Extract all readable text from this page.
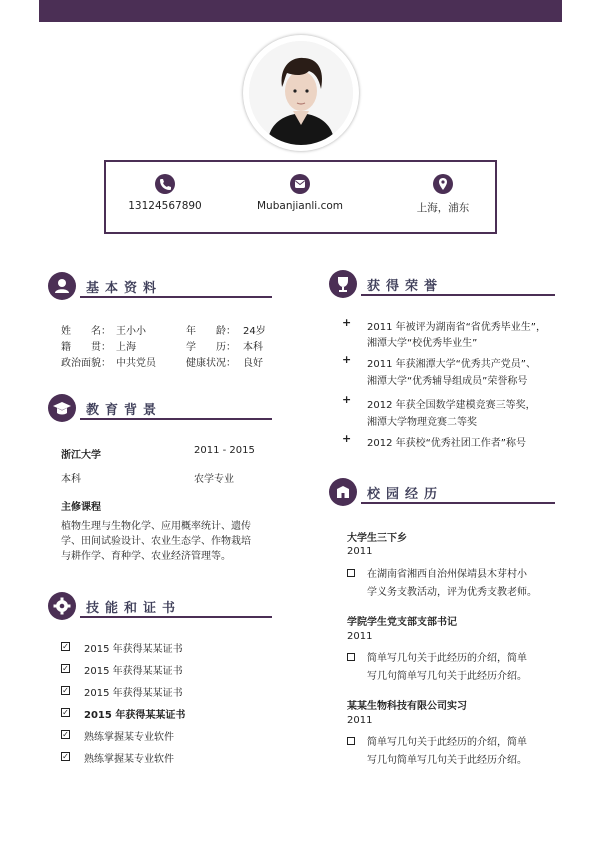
13124567890	Mubanjianli.com	上海，浦东
基本资料
姓　　名： 王小小	年　　龄： 24岁
籍　　贯： 上海	学　　历： 本科
政治面貌： 中共党员	健康状况： 良好
教育背景
浙江大学	2011 - 2015
本科	农学专业
主修课程
植物生理与生物化学、应用概率统计、遗传
学、田间试验设计、农业生态学、作物栽培
与耕作学、育种学、农业经济管理等。
技能和证书
✓ 2015 年获得某某证书
✓ 2015 年获得某某证书
✓ 2015 年获得某某证书
✓ 2015 年获得某某证书
✓ 熟练掌握某专业软件
✓ 熟练掌握某专业软件
获得荣誉
+ 2011 年被评为湖南省“省优秀毕业生”，
湘潭大学“校优秀毕业生”
+ 2011 年获湘潭大学“优秀共产党员”、
湘潭大学“优秀辅导组成员”荣誉称号
+ 2012 年获全国数学建模竞赛三等奖，
湘潭大学物理竞赛二等奖
+ 2012 年获校“优秀社团工作者”称号
校园经历
大学生三下乡
2011
在湖南省湘西自治州保靖县木芽村小
学义务支教活动，评为优秀支教老师。
学院学生党支部支部书记
2011
简单写几句关于此经历的介绍，简单
写几句简单写几句关于此经历介绍。
某某生物科技有限公司实习
2011
简单写几句关于此经历的介绍，简单
写几句简单写几句关于此经历介绍。
